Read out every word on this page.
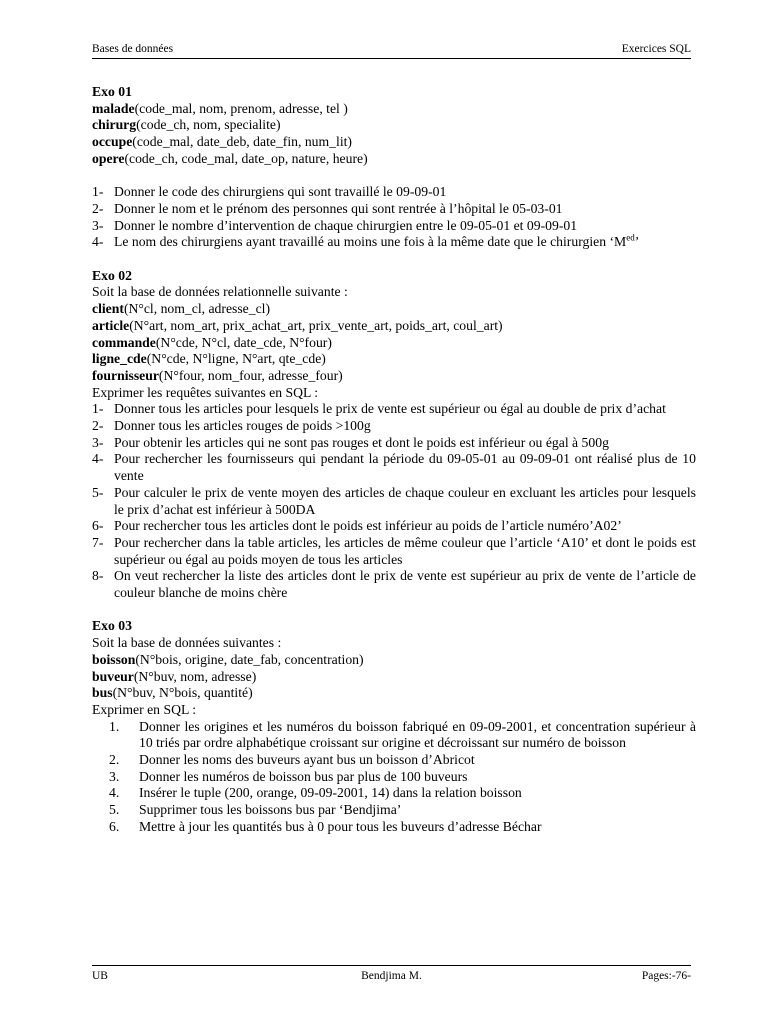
Bases de données	Exercices SQL

Exo 01

malade(code_mal, nom, prenom, adresse, tel )

chirurg(code_ch, nom, specialite)

occupe(code_mal, date_deb, date_fin, num_lit)

opere(code_ch, code_mal, date_op, nature, heure)

1- Donner le code des chirurgiens qui sont travaillé le 09-09-01
2- Donner le nom et le prénom des personnes qui sont rentrée à l’hôpital le 05-03-01
3- Donner le nombre d’intervention de chaque chirurgien entre le 09-05-01 et 09-09-01
4- Le nom des chirurgiens ayant travaillé au moins une fois à la même date que le chirurgien ‘$M^{ed}$’

Exo 02

Soit la base de données relationnelle suivante :

client(N°cl, nom_cl, adresse_cl)

article(N°art, nom_art, prix_achat_art, prix_vente_art, poids_art, coul_art)

commande(N°cde, N°cl, date_cde, N°four)

ligne_cde(N°cde, N°ligne, N°art, qte_cde)

fournisseur(N°four, nom_four, adresse_four)

Exprimer les requêtes suivantes en SQL :

1- Donner tous les articles pour lesquels le prix de vente est supérieur ou égal au double de prix d’achat
2- Donner tous les articles rouges de poids >100g
3- Pour obtenir les articles qui ne sont pas rouges et dont le poids est inférieur ou égal à 500g
4- Pour rechercher les fournisseurs qui pendant la période du 09-05-01 au 09-09-01 ont réalisé plus de 10 vente
5- Pour calculer le prix de vente moyen des articles de chaque couleur en excluant les articles pour lesquels le prix d’achat est inférieur à 500DA
6- Pour rechercher tous les articles dont le poids est inférieur au poids de l’article numéro’A02’
7- Pour rechercher dans la table articles, les articles de même couleur que l’article ‘A10’ et dont le poids est supérieur ou égal au poids moyen de tous les articles
8- On veut rechercher la liste des articles dont le prix de vente est supérieur au prix de vente de l’article de couleur blanche de moins chère

Exo 03

Soit la base de données suivantes :

boisson(N°bois, origine, date_fab, concentration)

buveur(N°buv, nom, adresse)

bus(N°buv, N°bois, quantité)

Exprimer en SQL :

1.	Donner les origines et les numéros du boisson fabriqué en 09-09-2001, et concentration supérieur à 10 triés par ordre alphabétique croissant sur origine et décroissant sur numéro de boisson
2.	Donner les noms des buveurs ayant bus un boisson d’Abricot
3.	Donner les numéros de boisson bus par plus de 100 buveurs
4.	Insérer le tuple (200, orange, 09-09-2001, 14) dans la relation boisson
5.	Supprimer tous les boissons bus par ‘Bendjima’
6.	Mettre à jour les quantités bus à 0 pour tous les buveurs d’adresse Béchar
UB	Bendjima M.	Pages:-76-
